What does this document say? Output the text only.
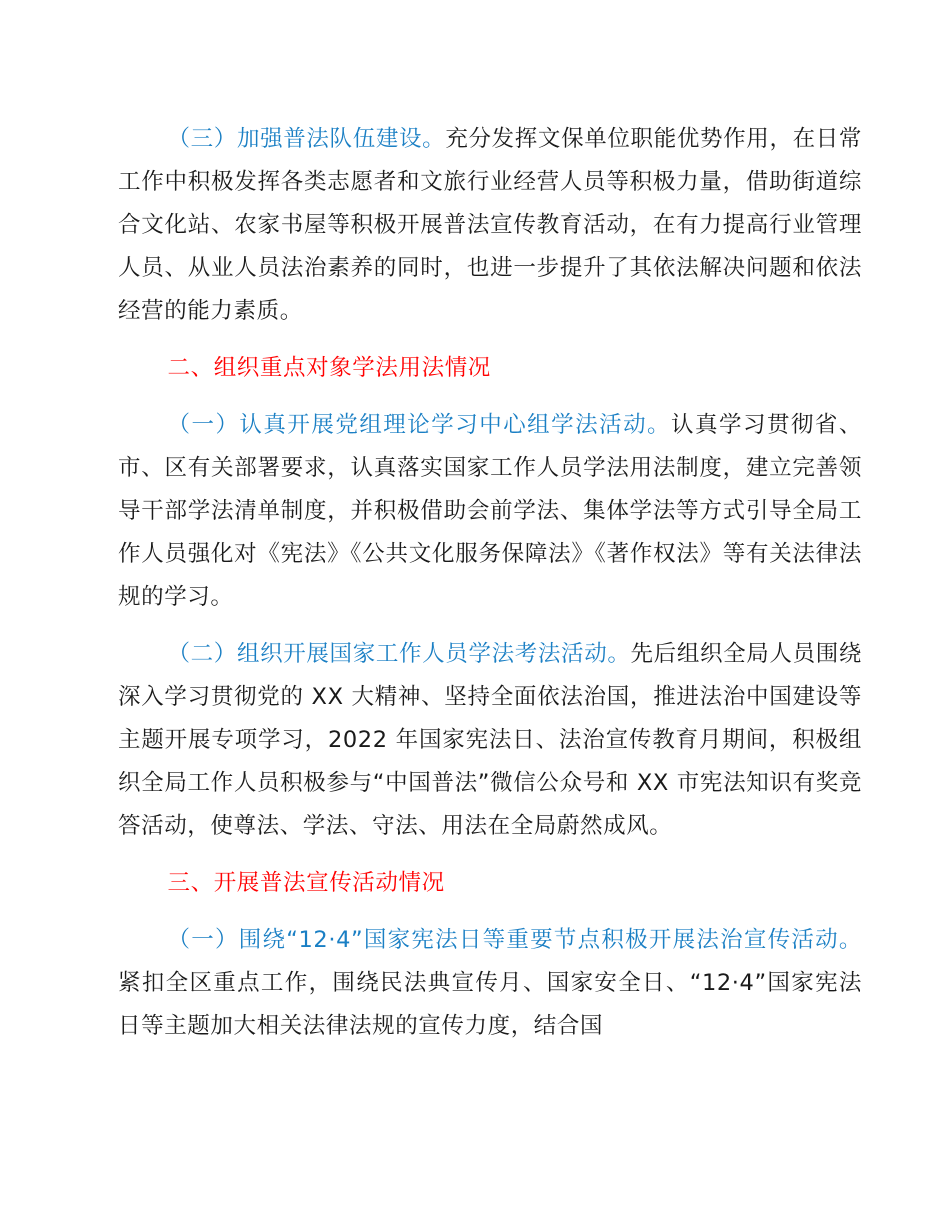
（三）加强普法队伍建设。充分发挥文保单位职能优势作用，在日常工作中积极发挥各类志愿者和文旅行业经营人员等积极力量，借助街道综合文化站、农家书屋等积极开展普法宣传教育活动，在有力提高行业管理人员、从业人员法治素养的同时，也进一步提升了其依法解决问题和依法经营的能力素质。

二、组织重点对象学法用法情况

（一）认真开展党组理论学习中心组学法活动。认真学习贯彻省、市、区有关部署要求，认真落实国家工作人员学法用法制度，建立完善领导干部学法清单制度，并积极借助会前学法、集体学法等方式引导全局工作人员强化对《宪法》《公共文化服务保障法》《著作权法》等有关法律法规的学习。

（二）组织开展国家工作人员学法考法活动。先后组织全局人员围绕深入学习贯彻党的 XX 大精神、坚持全面依法治国，推进法治中国建设等主题开展专项学习，2022 年国家宪法日、法治宣传教育月期间，积极组织全局工作人员积极参与“中国普法”微信公众号和 XX 市宪法知识有奖竞答活动，使尊法、学法、守法、用法在全局蔚然成风。

三、开展普法宣传活动情况

（一）围绕“12·4”国家宪法日等重要节点积极开展法治宣传活动。紧扣全区重点工作，围绕民法典宣传月、国家安全日、“12·4”国家宪法日等主题加大相关法律法规的宣传力度，结合国
